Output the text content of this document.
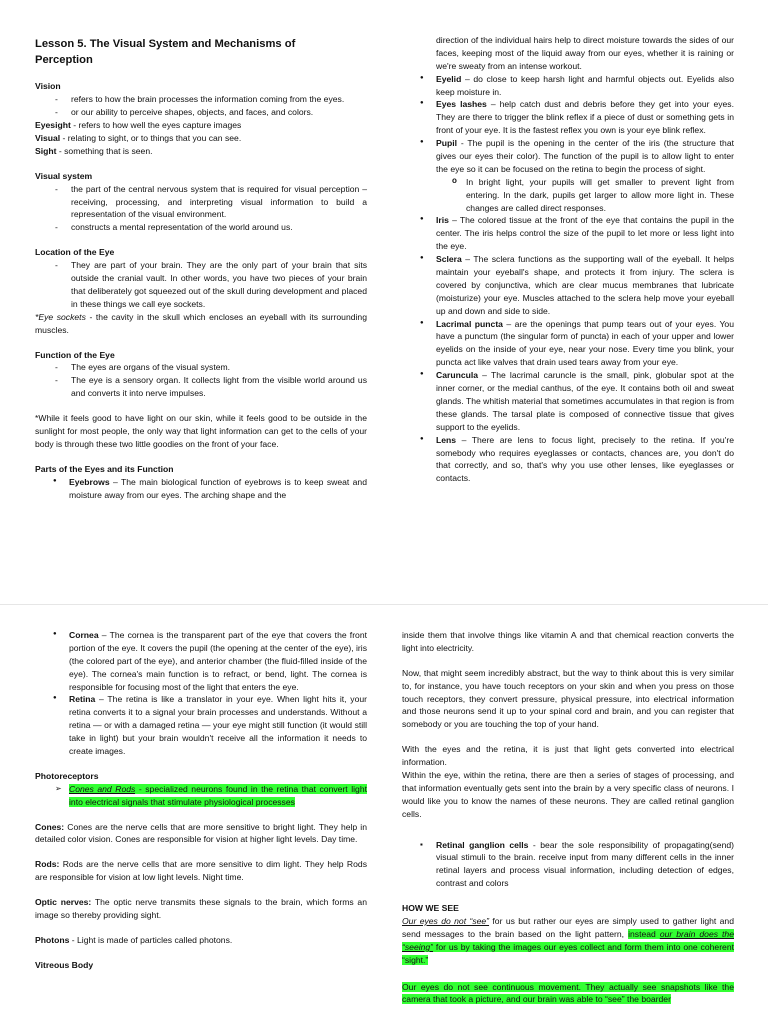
Lesson 5. The Visual System and Mechanisms of
Perception

Vision

- refers to how the brain processes the information coming from the eyes.
- or our ability to perceive shapes, objects, and faces, and colors.

Eyesight - refers to how well the eyes capture images

Visual - relating to sight, or to things that you can see.

Sight - something that is seen.

Visual system

- the part of the central nervous system that is required for visual perception – receiving, processing, and interpreting visual information to build a representation of the visual environment.
- constructs a mental representation of the world around us.

Location of the Eye

- They are part of your brain. They are the only part of your brain that sits outside the cranial vault. In other words, you have two pieces of your brain that deliberately got squeezed out of the skull during development and placed in these things we call eye sockets.

*Eye sockets - the cavity in the skull which encloses an eyeball with its surrounding muscles.

Function of the Eye

- The eyes are organs of the visual system.
- The eye is a sensory organ. It collects light from the visible world around us and converts it into nerve impulses.

*While it feels good to have light on our skin, while it feels good to be outside in the sunlight for most people, the only way that light information can get to the cells of your body is through these two little goodies on the front of your face.

Parts of the Eyes and its Function

● Eyebrows – The main biological function of eyebrows is to keep sweat and moisture away from our eyes. The arching shape and the

direction of the individual hairs help to direct moisture towards the sides of our faces, keeping most of the liquid away from our eyes, whether it is raining or we're sweaty from an intense workout.

● Eyelid – do close to keep harsh light and harmful objects out. Eyelids also keep moisture in.
● Eyes lashes – help catch dust and debris before they get into your eyes. They are there to trigger the blink reflex if a piece of dust or something gets in front of your eye. It is the fastest reflex you own is your eye blink reflex.
● Pupil - The pupil is the opening in the center of the iris (the structure that gives our eyes their color). The function of the pupil is to allow light to enter the eye so it can be focused on the retina to begin the process of sight.
o In bright light, your pupils will get smaller to prevent light from entering. In the dark, pupils get larger to allow more light in. These changes are called direct responses.
● Iris – The colored tissue at the front of the eye that contains the pupil in the center. The iris helps control the size of the pupil to let more or less light into the eye.
● Sclera – The sclera functions as the supporting wall of the eyeball. It helps maintain your eyeball's shape, and protects it from injury. The sclera is covered by conjunctiva, which are clear mucus membranes that lubricate (moisturize) your eye. Muscles attached to the sclera help move your eyeball up and down and side to side.
● Lacrimal puncta – are the openings that pump tears out of your eyes. You have a punctum (the singular form of puncta) in each of your upper and lower eyelids on the inside of your eye, near your nose. Every time you blink, your puncta act like valves that drain used tears away from your eye.
● Caruncula – The lacrimal caruncle is the small, pink, globular spot at the inner corner, or the medial canthus, of the eye. It contains both oil and sweat glands. The whitish material that sometimes accumulates in that region is from these glands. The tarsal plate is composed of connective tissue that gives support to the eyelids.
● Lens – There are lens to focus light, precisely to the retina. If you're somebody who requires eyeglasses or contacts, chances are, you don't do that correctly, and so, that's why you use other lenses, like eyeglasses or contacts.
● Cornea – The cornea is the transparent part of the eye that covers the front portion of the eye. It covers the pupil (the opening at the center of the eye), iris (the colored part of the eye), and anterior chamber (the fluid-filled inside of the eye). The cornea's main function is to refract, or bend, light. The cornea is responsible for focusing most of the light that enters the eye.
● Retina – The retina is like a translator in your eye. When light hits it, your retina converts it to a signal your brain processes and understands. Without a retina — or with a damaged retina — your eye might still function (it would still take in light) but your brain wouldn't receive all the information it needs to create images.

Photoreceptors

➢ Cones and Rods - specialized neurons found in the retina that convert light into electrical signals that stimulate physiological processes

Cones: Cones are the nerve cells that are more sensitive to bright light. They help in detailed color vision. Cones are responsible for vision at higher light levels. Day time.

Rods: Rods are the nerve cells that are more sensitive to dim light. They help Rods are responsible for vision at low light levels. Night time.

Optic nerves: The optic nerve transmits these signals to the brain, which forms an image so thereby providing sight.

Photons - Light is made of particles called photons.

Vitreous Body

inside them that involve things like vitamin A and that chemical reaction converts the light into electricity.

Now, that might seem incredibly abstract, but the way to think about this is very similar to, for instance, you have touch receptors on your skin and when you press on those touch receptors, they convert pressure, physical pressure, into electrical information and those neurons send it up to your spinal cord and brain, and you can register that somebody or you are touching the top of your hand.

With the eyes and the retina, it is just that light gets converted into electrical information.

Within the eye, within the retina, there are then a series of stages of processing, and that information eventually gets sent into the brain by a very specific class of neurons. I would like you to know the names of these neurons. They are called retinal ganglion cells.

▪ Retinal ganglion cells - bear the sole responsibility of propagating(send) visual stimuli to the brain. receive input from many different cells in the inner retinal layers and process visual information, including detection of edges, contrast and colors

HOW WE SEE

Our eyes do not “see” for us but rather our eyes are simply used to gather light and send messages to the brain based on the light pattern, instead our brain does the “seeing” for us by taking the images our eyes collect and form them into one coherent “sight.”

Our eyes do not see continuous movement. They actually see snapshots like the camera that took a picture, and our brain was able to “see” the boarder
